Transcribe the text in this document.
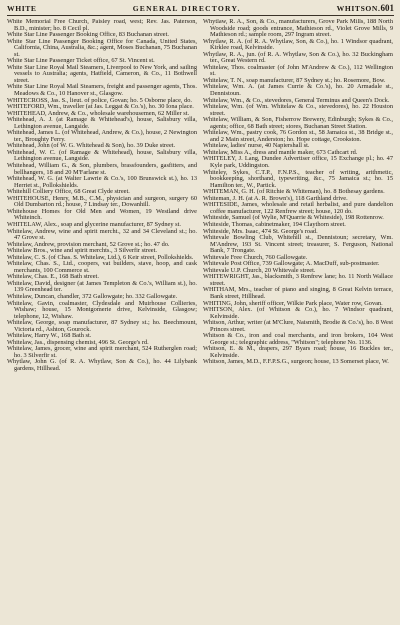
WHITE	GENERAL DIRECTORY.	WHITSON. 601

White Memorial Free Church, Paisley road, west; Rev. Jas. Paterson, B.D., minister; ho. 8 Cecil pl.

White Star Line Passenger Booking Office, 83 Buchanan street.

White Star Line Passenger Booking Office for Canada, United States, California, China, Australia, &c.; agent, Moses Buchanan, 75 Buchanan st.

White Star Line Passenger Ticket office, 67 St. Vincent st.

White Star Line Royal Mail Steamers, Liverpool to New York, and sailing vessels to Australia; agents, Hatfield, Cameron, & Co., 11 Bothwell street.

White Star Line Royal Mail Steamers, freight and passenger agents, Thos. Meadows & Co., 10 Hanover st., Glasgow.

WHITECROSS, Jas. S., lieut. of police, Govan; ho. 5 Osborne place, do.

WHITEFORD, Wm., traveller (at Jas. Leggat & Co.'s), ho. 30 Iona place.

WHITEHEAD, Andrew, & Co., wholesale warehousemen, 62 Miller st.

Whitehead, A. J. (at Ramage & Whitehead's), house, Salisbury villa, Lethington avenue, Langside.

Whitehead, James L. (of Whitehead, Andrew, & Co.), house, 2 Newington ter., Broughty Ferry.

Whitehead, John (of W. G. Whitehead & Son), ho. 39 Duke street.

Whitehead, W. C. (of Ramage & Whitehead), house, Salisbury villa, Lethington avenue, Langside.

Whitehead, William G., & Son, plumbers, brassfounders, gasfitters, and bellhangers, 18 and 20 M'Farlane st.

Whitehead, W. G. (at Walter Lawrie & Co.'s, 100 Brunswick st.), ho. 13 Herriet st., Pollokshields.

Whitehill Colliery Office, 68 Great Clyde street.

WHITEHOUSE, Henry, M.B., C.M., physician and surgeon, surgery 60 Old Dumbarton rd.; house, 7 Lindsay ter., Dowanhill.

Whitehouse Homes for Old Men and Women, 19 Westland drive Whiteinch.

WHITELAW, Alex., soap and glycerine manufacturer, 87 Sydney st.

Whitelaw, Andrew, wine and spirit mercht., 32 and 34 Cleveland st.; ho. 47 Grove st.

Whitelaw, Andrew, provision merchant, 52 Grove st.; ho. 47 do.

Whitelaw Bros., wine and spirit merchts., 3 Silverfir street.

Whitelaw, C. S. (of Chas. S. Whitelaw, Ltd.), 6 Keir street, Pollokshields.

Whitelaw, Chas. S., Ltd., coopers, vat builders, stave, hoop, and cask merchants, 100 Commerce st.

Whitelaw, Chas. E., 168 Bath street.

Whitelaw, David, designer (at James Templeton & Co.'s, William st.), ho. 139 Greenhead ter.

Whitelaw, Duncan, chandler, 372 Gallowgate; ho. 332 Gallowgate.

Whitelaw, Gavin, coalmaster, Clydesdale and Muirhouse Collieries, Wishaw; house, 15 Montgomerie drive, Kelvinside, Glasgow; telephone, 12, Wishaw.

Whitelaw, George, soap manufacturer, 87 Sydney st.; ho. Beechmount, Victoria rd., Ashton, Gourock.

Whitelaw, Harry W., 168 Bath st.

Whitelaw, Jas., dispensing chemist, 496 St. George's rd.

Whitelaw, James, grocer, wine and spirit merchant, 524 Rutherglen road; ho. 3 Silverfir st.

Whytlaw, John G. (of R. A. Whytlaw, Son & Co.), ho. 44 Lilybank gardens, Hillhead.

Whytlaw, R. A., Son, & Co., manufacturers, Grove Park Mills, 188 North Woodside road; goods entrance, Mathieson rd., Violet Grove Mills, 9 Mathieson rd.; sample room, 297 Ingram street.

Whytlaw, R. A. (of R. A. Whytlaw, Son, & Co.), ho. 1 Windsor quadrant, Kirklee road, Kelvinside.

Whytlaw, R. A., jun. (of R. A. Whytlaw, Son & Co.), ho. 32 Buckingham ter., Great Western rd.

Whitelaw, Thos. coalmaster (of John M'Andrew & Co.), 112 Wellington st.

Whitelaw, T. N., soap manufacturer, 87 Sydney st.; ho. Rosemore, Bow.

Whitelaw, Wm. A. (at James Currie & Co.'s), ho. 20 Armadale st., Dennistoun.

Whitelaw, Wm., & Co., stevedores, General Terminus and Queen's Dock.

Whitelaw, Wm. (of Wm. Whitelaw & Co., stevedores), ho. 22 Houston street.

Whitelaw, William, & Son, Fisherrow Brewery, Edinburgh; Sykes & Co., agents; office, 68 Bath street; stores, Buchanan Street Station.

Whitelaw, Wm., pastry cook, 76 Gordon st., 58 Jamaica st., 38 Bridge st., and 2 Main street, Anderston; ho. Hope cottage, Crookston.

Whitelaw, ladies' nurse, 40 Napiershall st.

Whitelaw, Miss A., dress and mantle maker, 673 Cathcart rd.

WHITELEY, J. Lang, Dundee Advertiser office, 15 Exchange pl.; ho. 47 Kyle park, Uddingston.

Whiteley, Sykes, C.T.P., F.N.P.S., teacher of writing, arithmetic, bookkeeping, shorthand, typewriting, &c., 75 Jamaica st.; ho. 15 Hamilton ter., W., Partick.

WHITEMAN, G. H. (of Ritchie & Whiteman), ho. 8 Bothesay gardens.

Whiteman, J. H. (at A. R. Brown's), 118 Garthland drive.

WHITESIDE, James, wholesale and retail herbalist, and pure dandelion coffee manufacturer, 122 Renfrew street; house, 120 do.

Whiteside, Samuel (of Wylie, M'Quarrie & Whiteside), 198 Rottenrow.

Whiteside, Thomas, cabinetmaker, 194 Claythorn street.

Whiteside, Mrs. Isaac, 474 St. George's road.

Whitevale Bowling Club, Whitehill st., Dennistoun; secretary, Wm. M'Andrew, 193 St. Vincent street; treasurer, S. Ferguson, National Bank, 7 Trongate.

Whitevale Free Church, 760 Gallowgate.

Whitevale Post Office, 739 Gallowgate; A. MacDuff, sub-postmaster.

Whitevale U.P. Church, 20 Whitevale street.

WHITEWRIGHT, Jas., blacksmith, 3 Renfrew lane; ho. 11 North Wallace street.

WHITHAM, Mrs., teacher of piano and singing, 8 Great Kelvin terrace, Bank street, Hillhead.

WHITING, John, sheriff officer, Wilkie Park place, Water row, Govan.

WHITSON, Alex. (of Whitson & Co.), ho. 7 Windsor quadrant, Kelvinside.

Whitson, Arthur, writer (at M'Clure, Naismith, Brodie & Co.'s), ho. 8 West Princes street.

Whitson & Co., iron and coal merchants, and iron brokers, 104 West George st.; telegraphic address, "Whitson"; telephone No. 1136.

Whitson, E. & M., drapers, 297 Byars road; house, 16 Buckles ter., Kelvinside.

Whitson, James, M.D., F.F.P.S.G., surgeon; house, 13 Somerset place, W.
